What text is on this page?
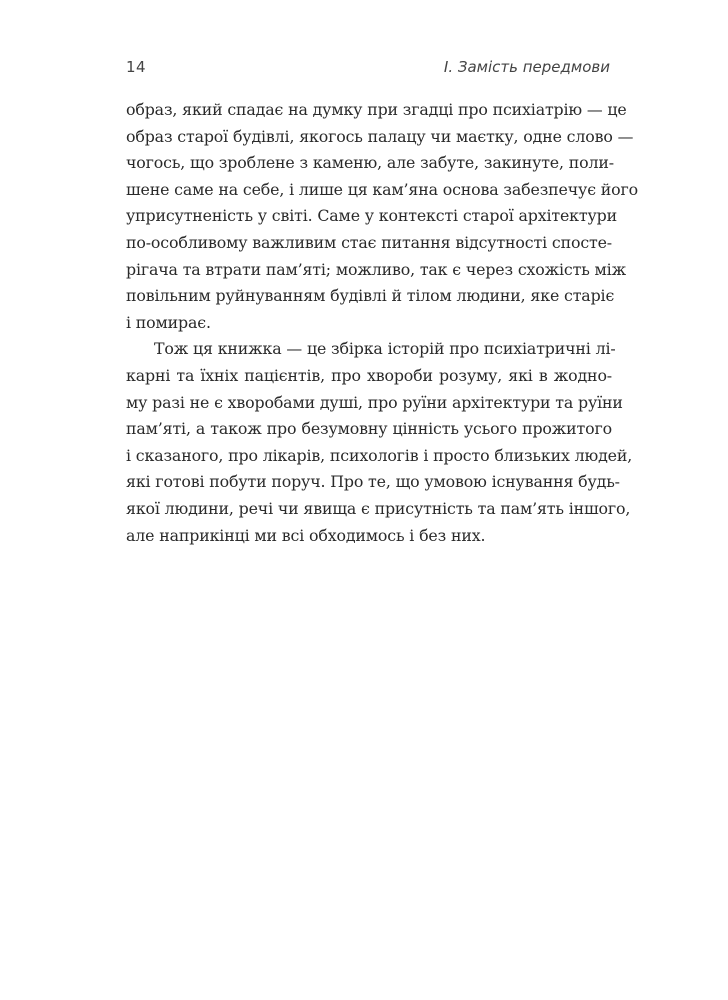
14	І. Замість передмови
образ, який спадає на думку при згадці про психіатрію — це
образ старої будівлі, якогось палацу чи маєтку, одне слово —
чогось, що зроблене з каменю, але забуте, закинуте, поли-
шене саме на себе, і лише ця кам’яна основа забезпечує його
уприсутненість у світі. Саме у контексті старої архітектури
по-особливому важливим стає питання відсутності спосте-
рігача та втрати пам’яті; можливо, так є через схожість між
повільним руйнуванням будівлі й тілом людини, яке старіє
і помирає.
Тож ця книжка — це збірка історій про психіатричні лі-
карні та їхніх пацієнтів, про хвороби розуму, які в жодно-
му разі не є хворобами душі, про руїни архітектури та руїни
пам’яті, а також про безумовну цінність усього прожитого
і сказаного, про лікарів, психологів і просто близьких людей,
які готові побути поруч. Про те, що умовою існування будь-
якої людини, речі чи явища є присутність та пам’ять іншого,
але наприкінці ми всі обходимось і без них.
